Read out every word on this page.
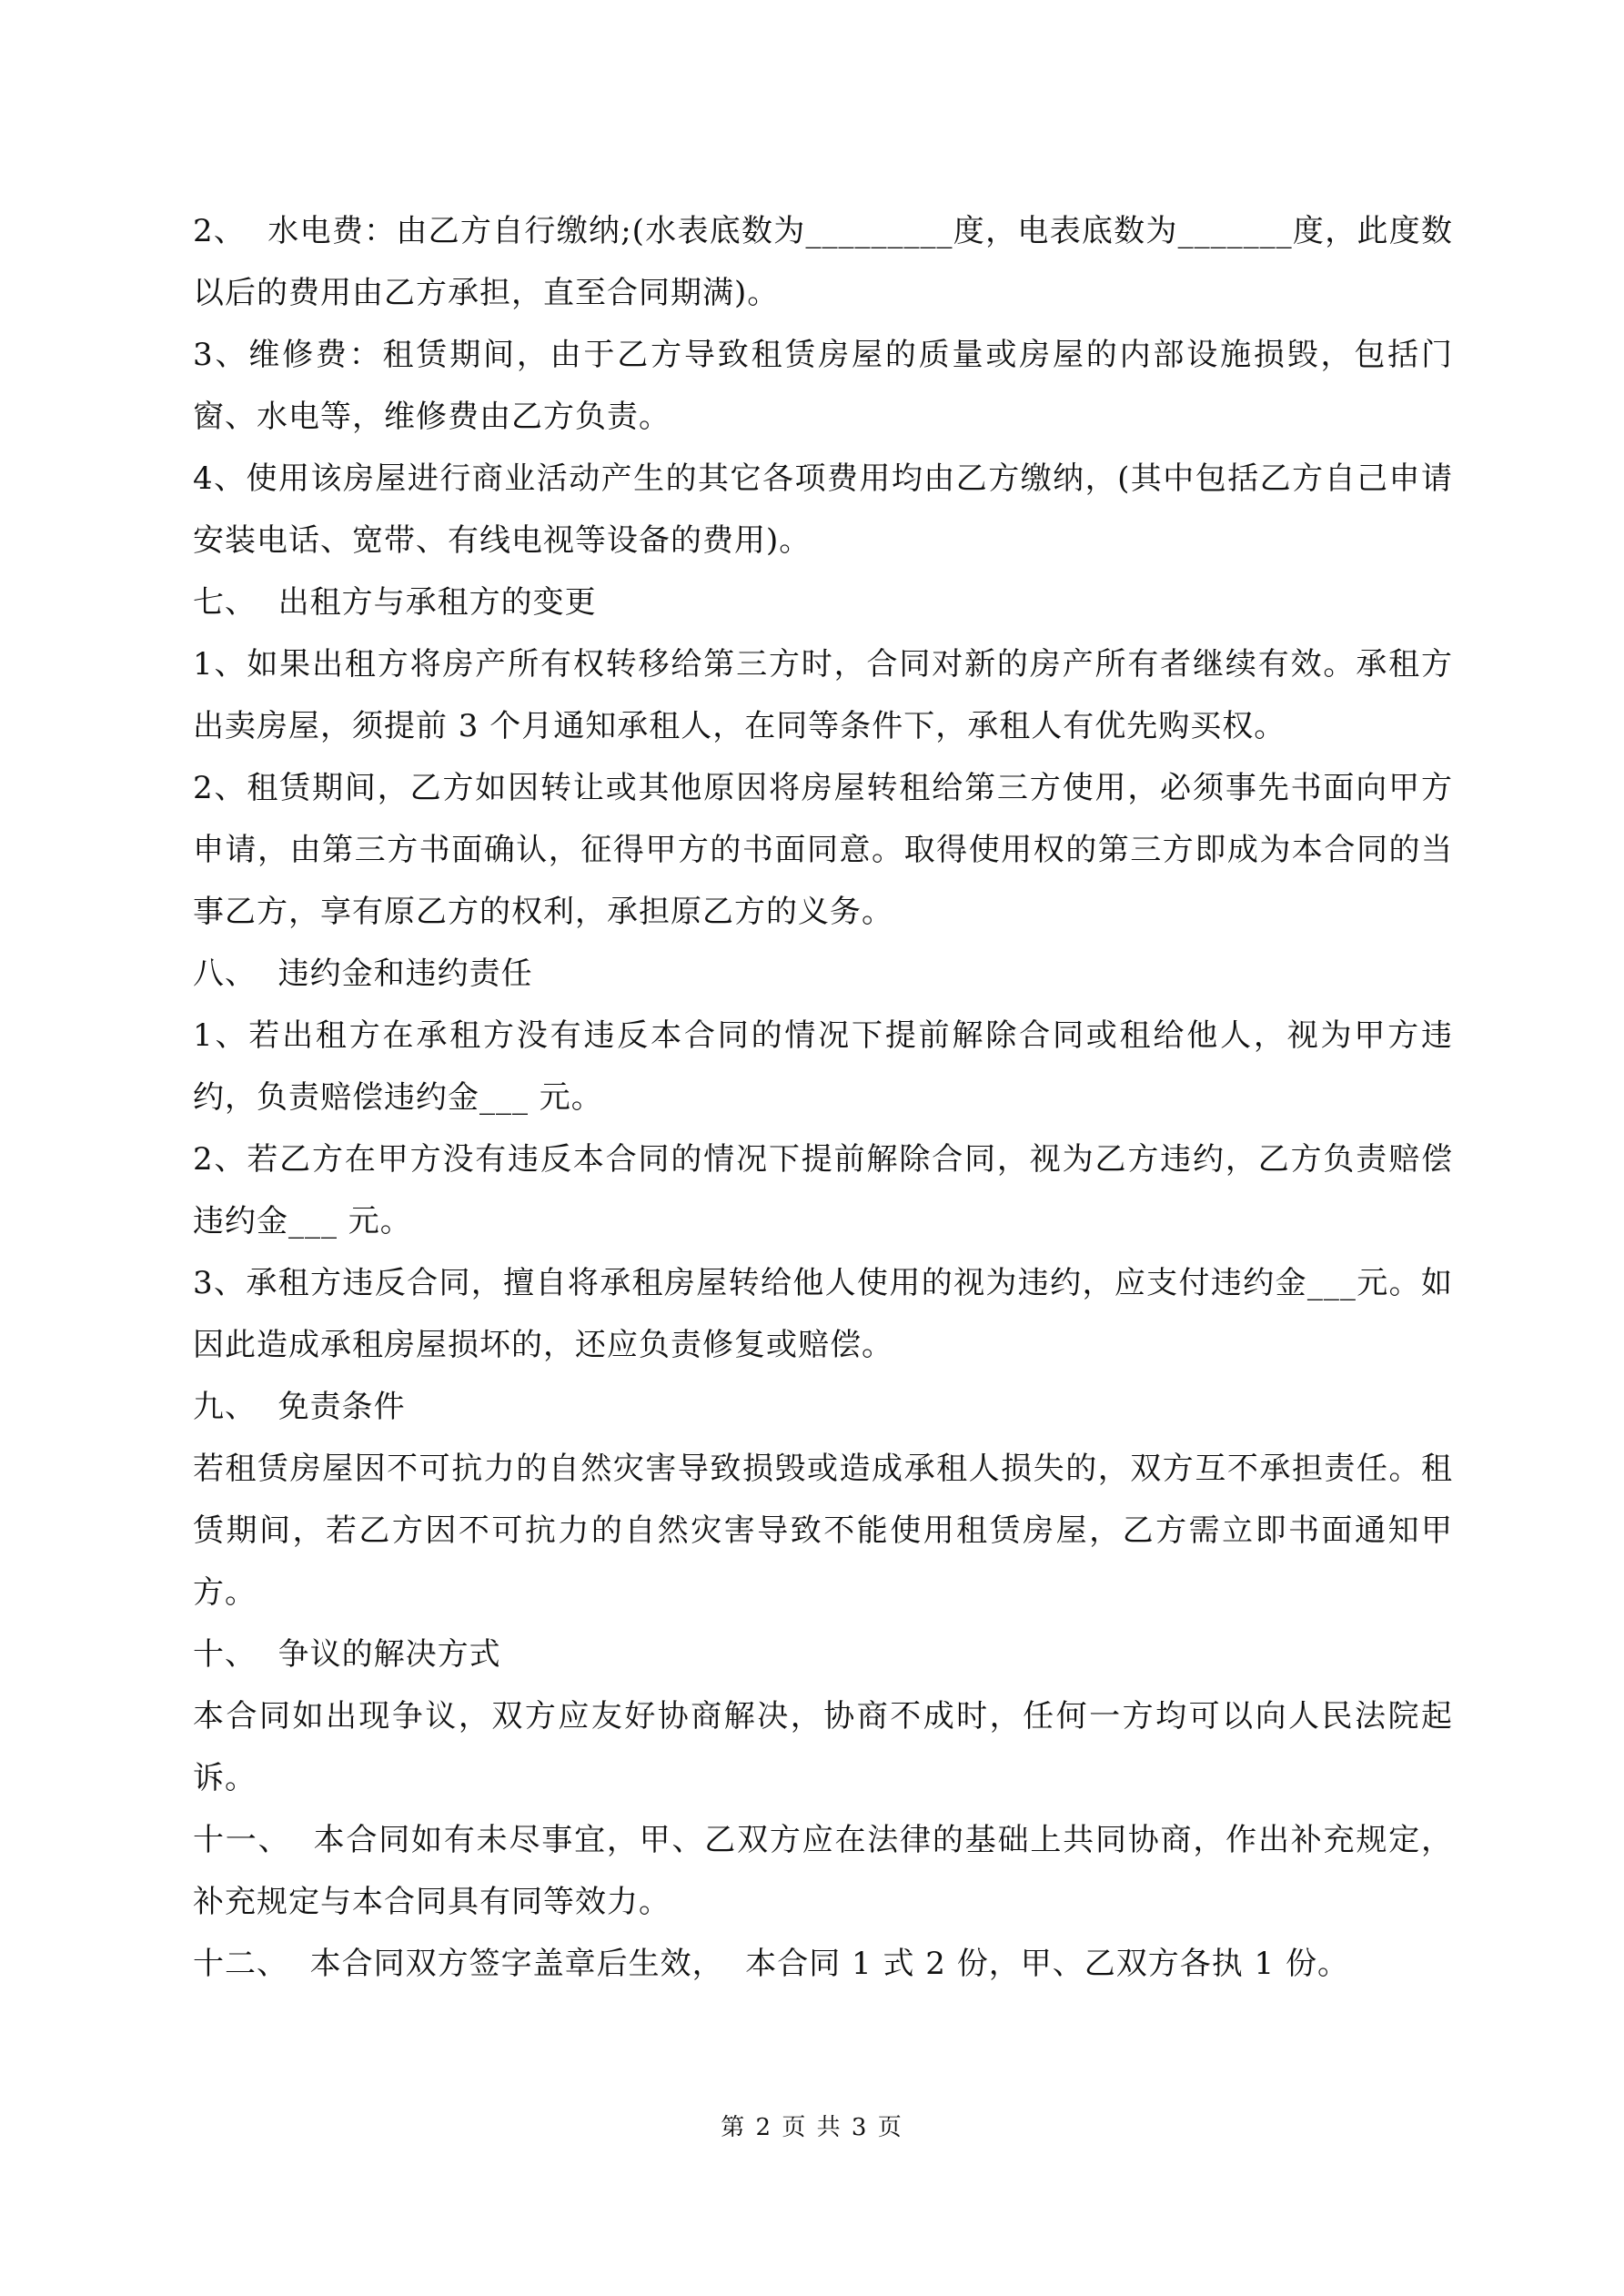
2、  水电费：由乙方自行缴纳;(水表底数为_________度，电表底数为_______度，此度数以后的费用由乙方承担，直至合同期满)。

3、维修费：租赁期间，由于乙方导致租赁房屋的质量或房屋的内部设施损毁，包括门窗、水电等，维修费由乙方负责。

4、使用该房屋进行商业活动产生的其它各项费用均由乙方缴纳，(其中包括乙方自己申请安装电话、宽带、有线电视等设备的费用)。

七、  出租方与承租方的变更

1、如果出租方将房产所有权转移给第三方时，合同对新的房产所有者继续有效。承租方出卖房屋，须提前 3 个月通知承租人，在同等条件下，承租人有优先购买权。

2、租赁期间，乙方如因转让或其他原因将房屋转租给第三方使用，必须事先书面向甲方申请，由第三方书面确认，征得甲方的书面同意。取得使用权的第三方即成为本合同的当事乙方，享有原乙方的权利，承担原乙方的义务。

八、  违约金和违约责任

1、若出租方在承租方没有违反本合同的情况下提前解除合同或租给他人，视为甲方违约，负责赔偿违约金___ 元。

2、若乙方在甲方没有违反本合同的情况下提前解除合同，视为乙方违约，乙方负责赔偿违约金___ 元。

3、承租方违反合同，擅自将承租房屋转给他人使用的视为违约，应支付违约金___元。如因此造成承租房屋损坏的，还应负责修复或赔偿。

九、  免责条件

若租赁房屋因不可抗力的自然灾害导致损毁或造成承租人损失的，双方互不承担责任。租赁期间，若乙方因不可抗力的自然灾害导致不能使用租赁房屋，乙方需立即书面通知甲方。

十、  争议的解决方式

本合同如出现争议，双方应友好协商解决，协商不成时，任何一方均可以向人民法院起诉。

十一、  本合同如有未尽事宜，甲、乙双方应在法律的基础上共同协商，作出补充规定，补充规定与本合同具有同等效力。

十二、  本合同双方签字盖章后生效，  本合同 1 式 2 份，甲、乙双方各执 1 份。

第 2 页 共 3 页
